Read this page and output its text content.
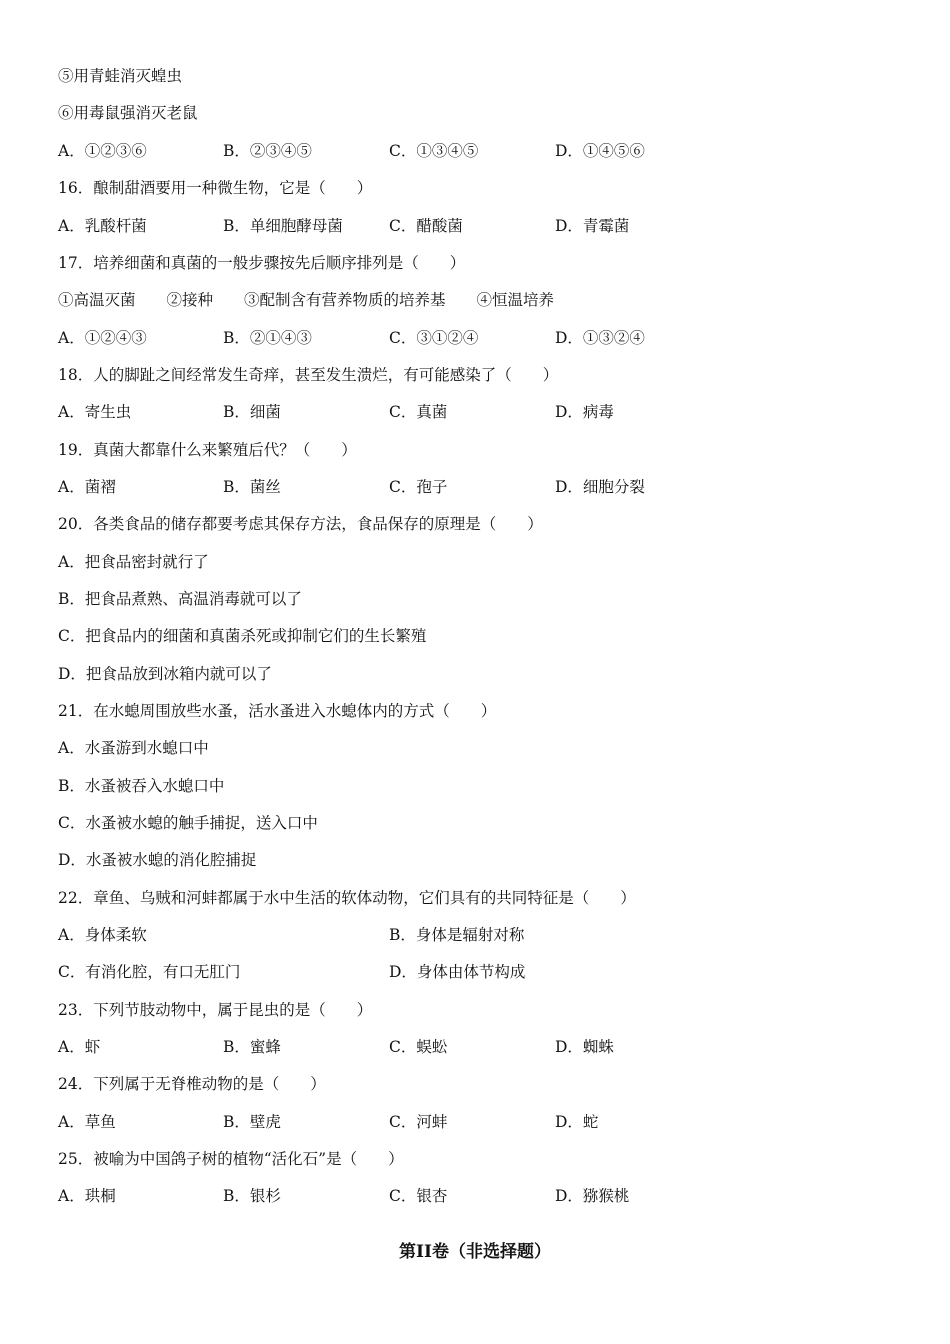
⑤用青蛙消灭蝗虫
⑥用毒鼠强消灭老鼠
A．①②③⑥	B．②③④⑤	C．①③④⑤	D．①④⑤⑥
16．酿制甜酒要用一种微生物，它是（　　）
A．乳酸杆菌	B．单细胞酵母菌	C．醋酸菌	D．青霉菌
17．培养细菌和真菌的一般步骤按先后顺序排列是（　　）
①高温灭菌　　②接种　　③配制含有营养物质的培养基　　④恒温培养
A．①②④③	B．②①④③	C．③①②④	D．①③②④
18．人的脚趾之间经常发生奇痒，甚至发生溃烂，有可能感染了（　　）
A．寄生虫	B．细菌	C．真菌	D．病毒
19．真菌大都靠什么来繁殖后代？（　　）
A．菌褶	B．菌丝	C．孢子	D．细胞分裂
20．各类食品的储存都要考虑其保存方法，食品保存的原理是（　　）
A．把食品密封就行了
B．把食品煮熟、高温消毒就可以了
C．把食品内的细菌和真菌杀死或抑制它们的生长繁殖
D．把食品放到冰箱内就可以了
21．在水螅周围放些水蚤，活水蚤进入水螅体内的方式（　　）
A．水蚤游到水螅口中
B．水蚤被吞入水螅口中
C．水蚤被水螅的触手捕捉，送入口中
D．水蚤被水螅的消化腔捕捉
22．章鱼、乌贼和河蚌都属于水中生活的软体动物，它们具有的共同特征是（　　）
A．身体柔软	B．身体是辐射对称
C．有消化腔，有口无肛门	D．身体由体节构成
23．下列节肢动物中，属于昆虫的是（　　）
A．虾	B．蜜蜂	C．蜈蚣	D．蜘蛛
24．下列属于无脊椎动物的是（　　）
A．草鱼	B．壁虎	C．河蚌	D．蛇
25．被喻为中国鸽子树的植物“活化石”是（　　）
A．珙桐	B．银杉	C．银杏	D．猕猴桃
第II卷（非选择题）
